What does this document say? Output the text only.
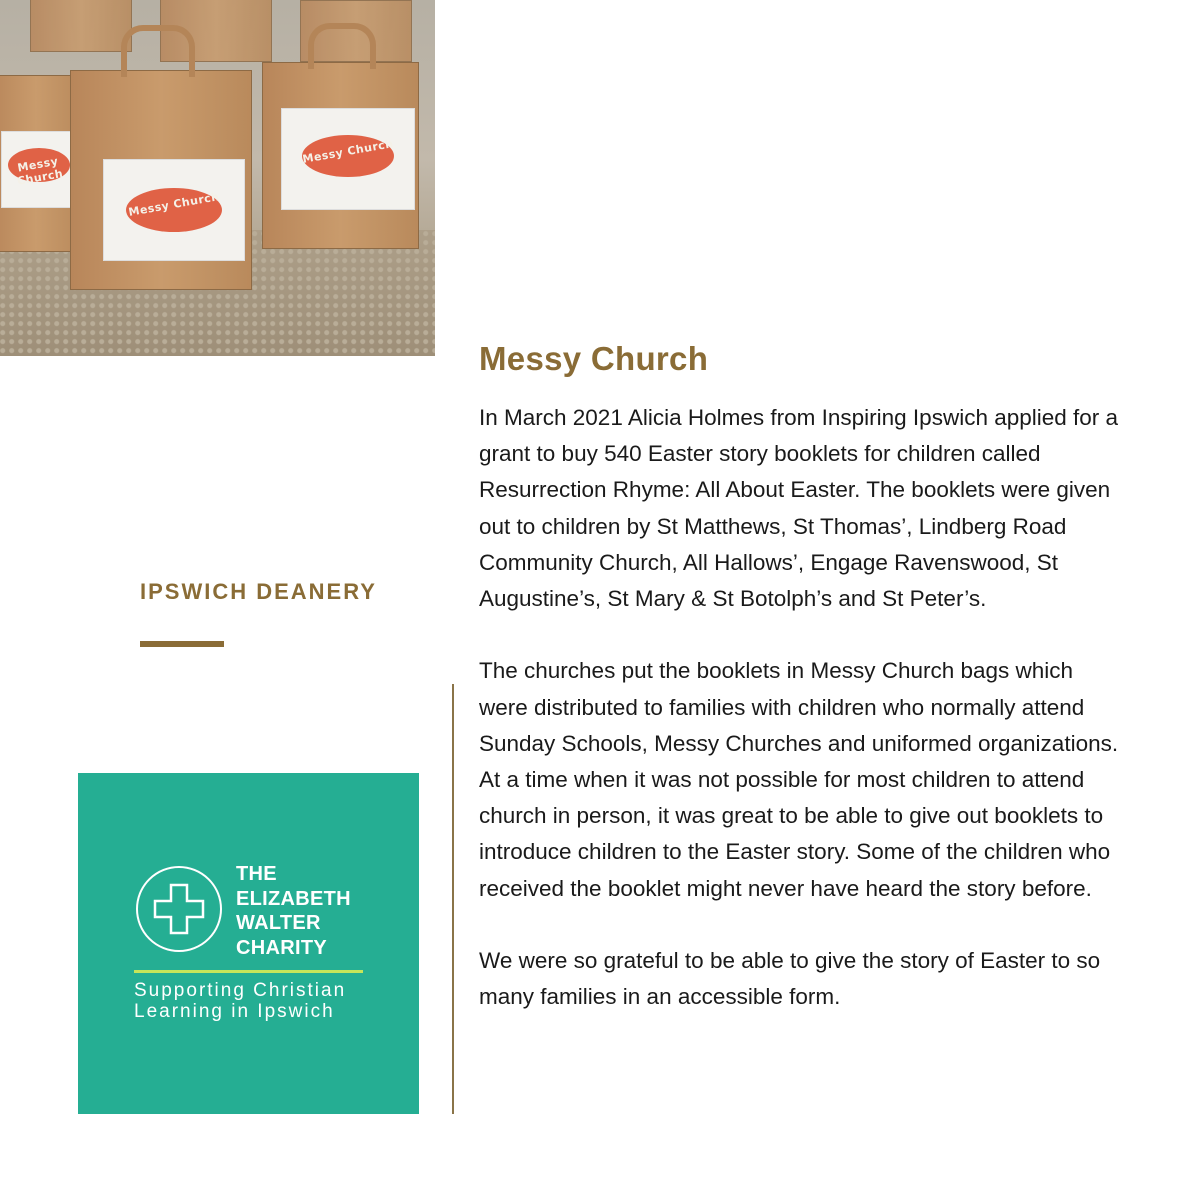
Messy Church
Messy Church
Messy Church
Messy Church

In March 2021 Alicia Holmes from Inspiring Ipswich applied for a grant to buy 540 Easter story booklets for children called Resurrection Rhyme: All About Easter. The booklets were given out to children by St Matthews, St Thomas’, Lindberg Road Community Church, All Hallows’, Engage Ravenswood, St Augustine’s, St Mary & St Botolph’s and St Peter’s.

The churches put the booklets in Messy Church bags which were distributed to families with children who normally attend Sunday Schools, Messy Churches and uniformed organizations. At a time when it was not possible for most children to attend church in person, it was great to be able to give out booklets to introduce children to the Easter story. Some of the children who received the booklet might never have heard the story before.

We were so grateful to be able to give the story of Easter to so many families in an accessible form.

IPSWICH DEANERY
THE
ELIZABETH
WALTER
CHARITY
Supporting Christian
Learning in Ipswich
